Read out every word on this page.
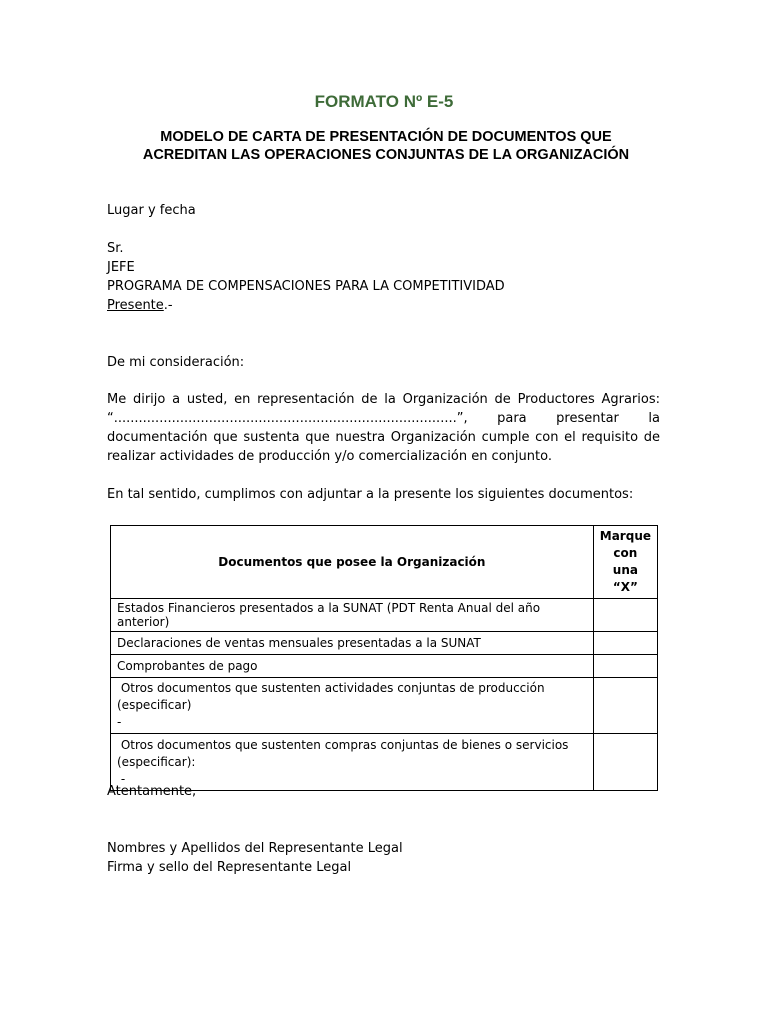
FORMATO Nº E-5
MODELO DE CARTA DE PRESENTACIÓN DE DOCUMENTOS QUE
ACREDITAN LAS OPERACIONES CONJUNTAS DE LA ORGANIZACIÓN
Lugar y fecha
Sr.
JEFE
PROGRAMA DE COMPENSACIONES PARA LA COMPETITIVIDAD
Presente.-
De mi consideración:
Me dirijo a usted, en representación de la Organización de Productores Agrarios: “...................................................................................”, para presentar la documentación que sustenta que nuestra Organización cumple con el requisito de realizar actividades de producción y/o comercialización en conjunto.
En tal sentido, cumplimos con adjuntar a la presente los siguientes documentos:
Documentos que posee la Organización	Marque
con una
“X”

Estados Financieros presentados a la SUNAT (PDT Renta Anual del año anterior)	
Declaraciones de ventas mensuales presentadas a la SUNAT	
Comprobantes de pago	

Otros documentos que sustenten actividades conjuntas de producción
(especificar)
-	

Otros documentos que sustenten compras conjuntas de bienes o servicios
(especificar):
-	

Atentamente,
Nombres y Apellidos del Representante Legal
Firma y sello del Representante Legal
